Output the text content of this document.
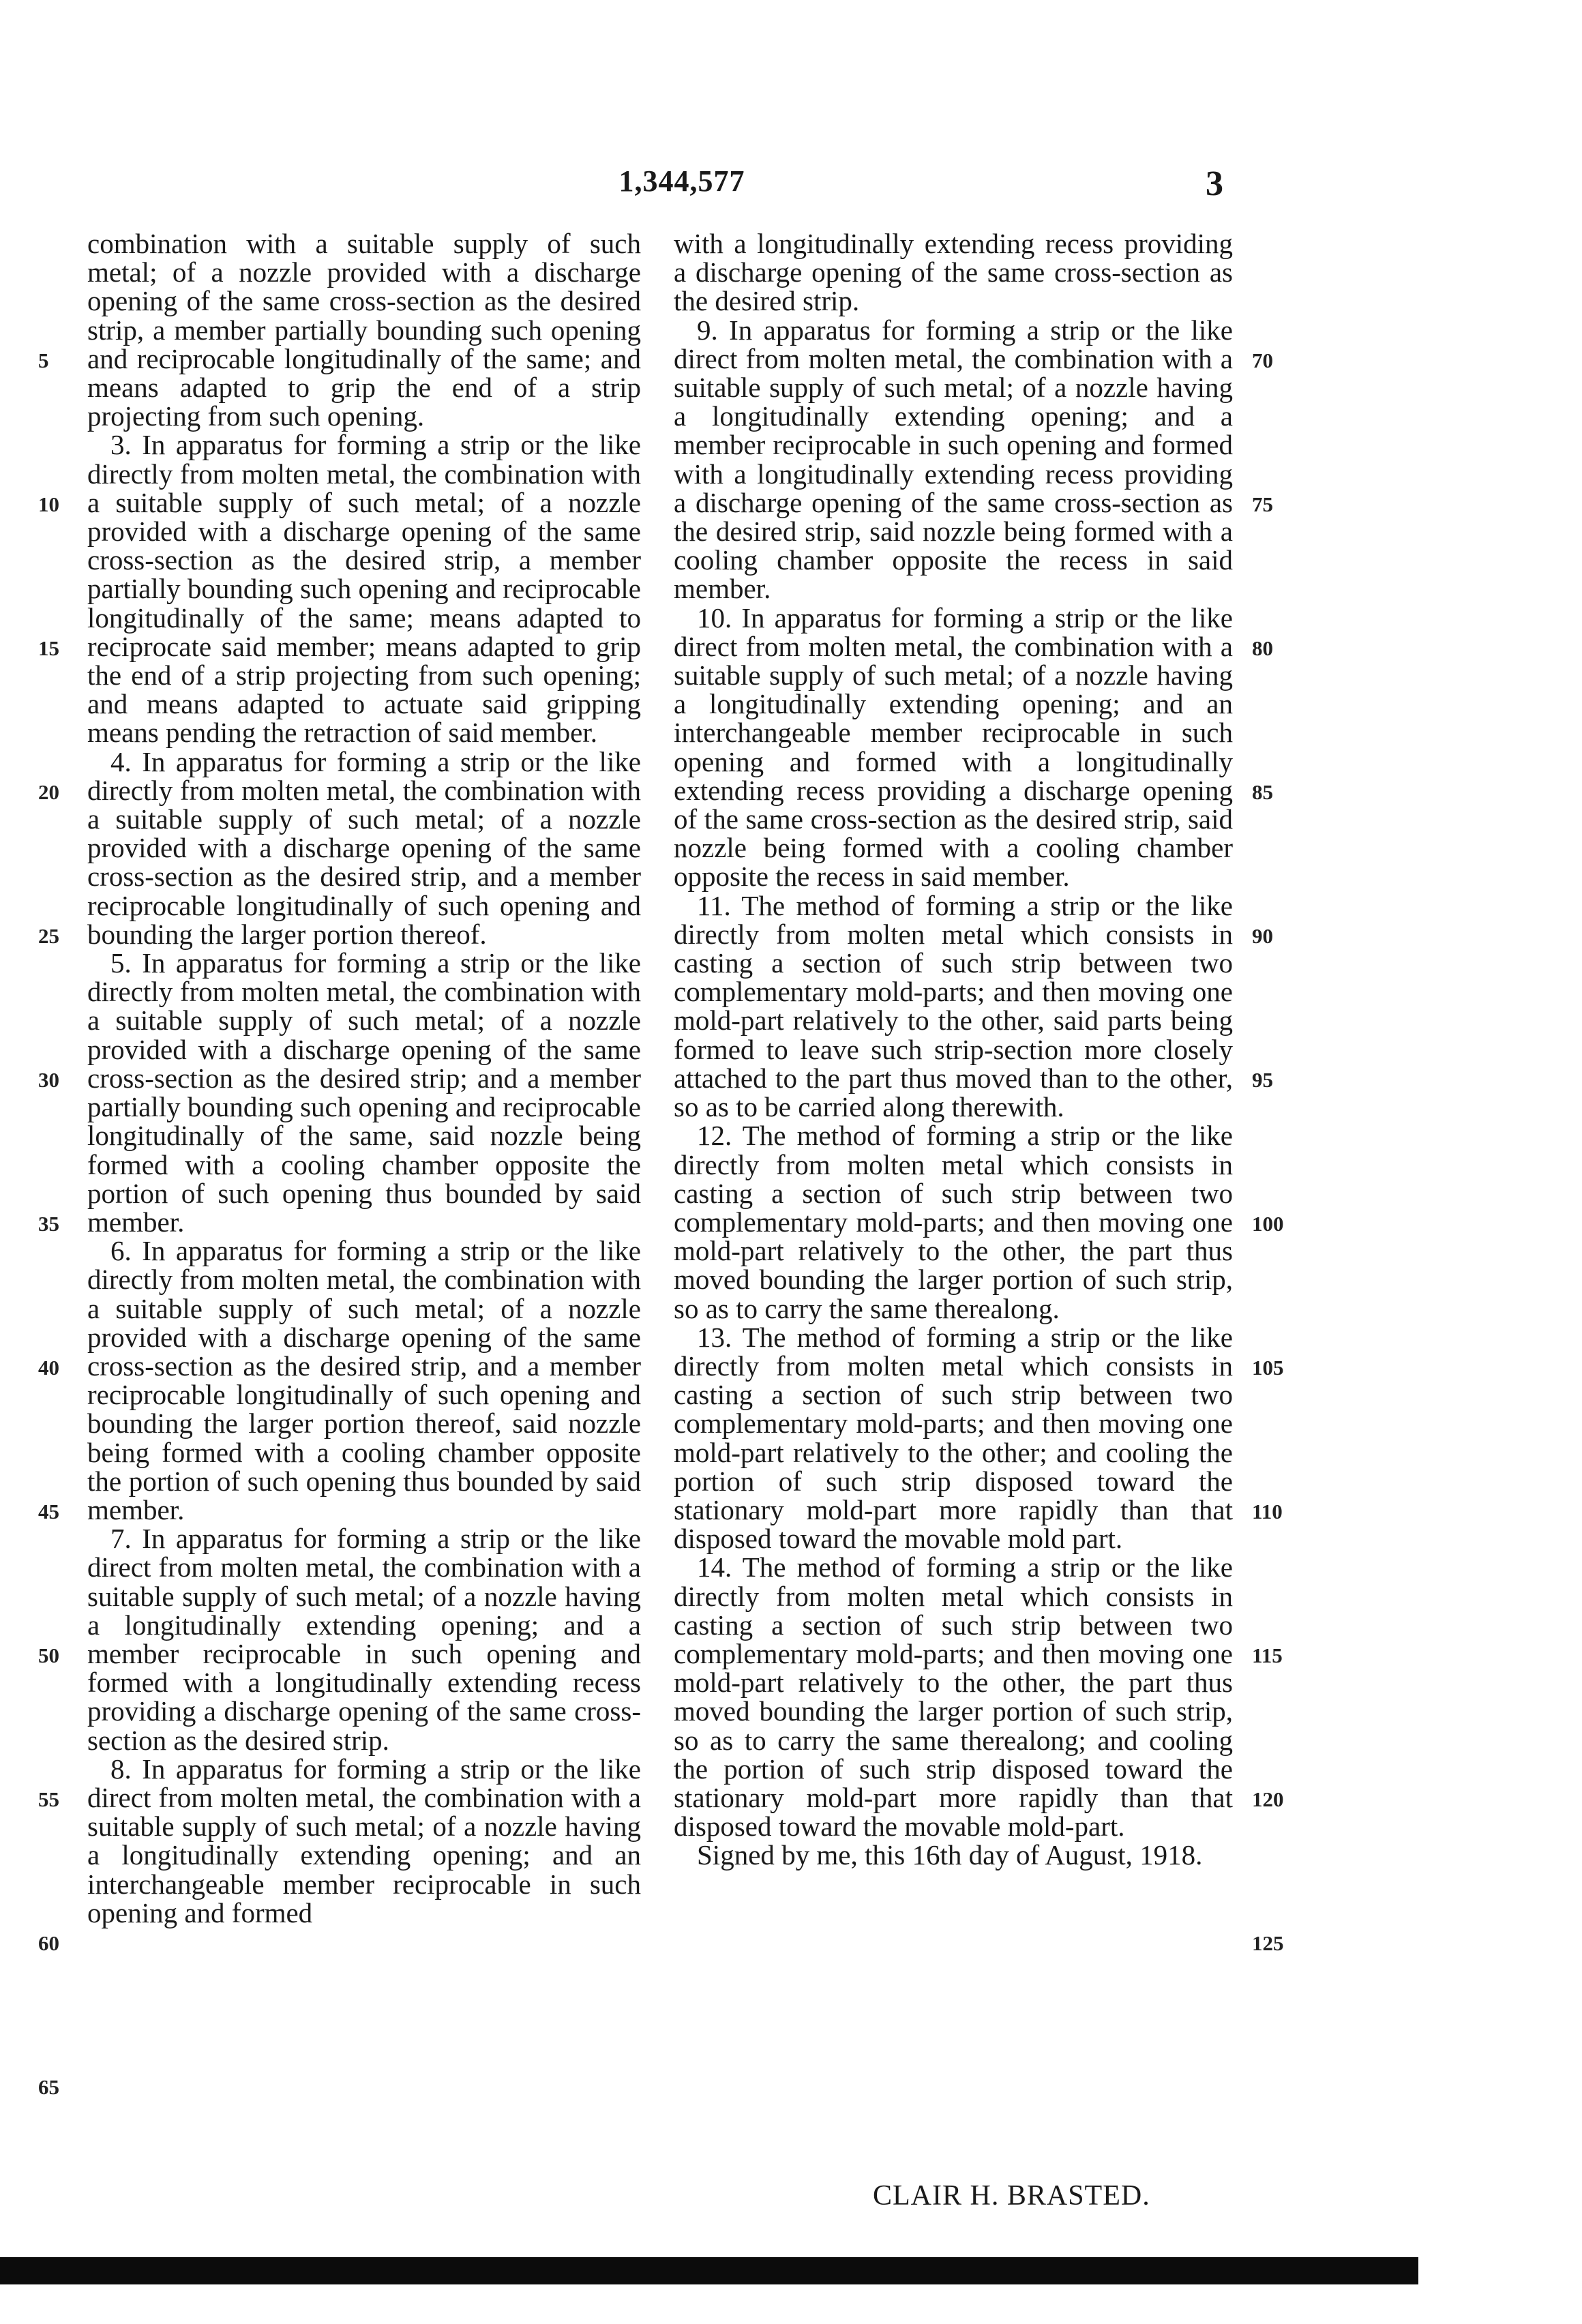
1,344,577	3

combination with a suitable supply of such metal; of a nozzle provided with a discharge opening of the same cross-section as the desired strip, a member partially bounding such opening and reciprocable longitudinally of the same; and means adapted to grip the end of a strip projecting from such opening.

3. In apparatus for forming a strip or the like directly from molten metal, the combination with a suitable supply of such metal; of a nozzle provided with a discharge opening of the same cross-section as the desired strip, a member partially bounding such opening and reciprocable longitudinally of the same; means adapted to reciprocate said member; means adapted to grip the end of a strip projecting from such opening; and means adapted to actuate said gripping means pending the retraction of said member.

4. In apparatus for forming a strip or the like directly from molten metal, the combination with a suitable supply of such metal; of a nozzle provided with a discharge opening of the same cross-section as the desired strip, and a member reciprocable longitudinally of such opening and bounding the larger portion thereof.

5. In apparatus for forming a strip or the like directly from molten metal, the combination with a suitable supply of such metal; of a nozzle provided with a discharge opening of the same cross-section as the desired strip; and a member partially bounding such opening and reciprocable longitudinally of the same, said nozzle being formed with a cooling chamber opposite the portion of such opening thus bounded by said member.

6. In apparatus for forming a strip or the like directly from molten metal, the combination with a suitable supply of such metal; of a nozzle provided with a discharge opening of the same cross-section as the desired strip, and a member reciprocable longitudinally of such opening and bounding the larger portion thereof, said nozzle being formed with a cooling chamber opposite the portion of such opening thus bounded by said member.

7. In apparatus for forming a strip or the like direct from molten metal, the combination with a suitable supply of such metal; of a nozzle having a longitudinally extending opening; and a member reciprocable in such opening and formed with a longitudinally extending recess providing a discharge opening of the same cross-section as the desired strip.

8. In apparatus for forming a strip or the like direct from molten metal, the combination with a suitable supply of such metal; of a nozzle having a longitudinally extending opening; and an interchangeable member reciprocable in such opening and formed

with a longitudinally extending recess providing a discharge opening of the same cross-section as the desired strip.

9. In apparatus for forming a strip or the like direct from molten metal, the combination with a suitable supply of such metal; of a nozzle having a longitudinally extending opening; and a member reciprocable in such opening and formed with a longitudinally extending recess providing a discharge opening of the same cross-section as the desired strip, said nozzle being formed with a cooling chamber opposite the recess in said member.

10. In apparatus for forming a strip or the like direct from molten metal, the combination with a suitable supply of such metal; of a nozzle having a longitudinally extending opening; and an interchangeable member reciprocable in such opening and formed with a longitudinally extending recess providing a discharge opening of the same cross-section as the desired strip, said nozzle being formed with a cooling chamber opposite the recess in said member.

11. The method of forming a strip or the like directly from molten metal which consists in casting a section of such strip between two complementary mold-parts; and then moving one mold-part relatively to the other, said parts being formed to leave such strip-section more closely attached to the part thus moved than to the other, so as to be carried along therewith.

12. The method of forming a strip or the like directly from molten metal which consists in casting a section of such strip between two complementary mold-parts; and then moving one mold-part relatively to the other, the part thus moved bounding the larger portion of such strip, so as to carry the same therealong.

13. The method of forming a strip or the like directly from molten metal which consists in casting a section of such strip between two complementary mold-parts; and then moving one mold-part relatively to the other; and cooling the portion of such strip disposed toward the stationary mold-part more rapidly than that disposed toward the movable mold part.

14. The method of forming a strip or the like directly from molten metal which consists in casting a section of such strip between two complementary mold-parts; and then moving one mold-part relatively to the other, the part thus moved bounding the larger portion of such strip, so as to carry the same therealong; and cooling the portion of such strip disposed toward the stationary mold-part more rapidly than that disposed toward the movable mold-part.

Signed by me, this 16th day of August, 1918.

5
10
15
20
25
30
35
40
45
50
55
60
65
70
75
80
85
90
95
100
105
110
115
120
125
CLAIR H. BRASTED.
